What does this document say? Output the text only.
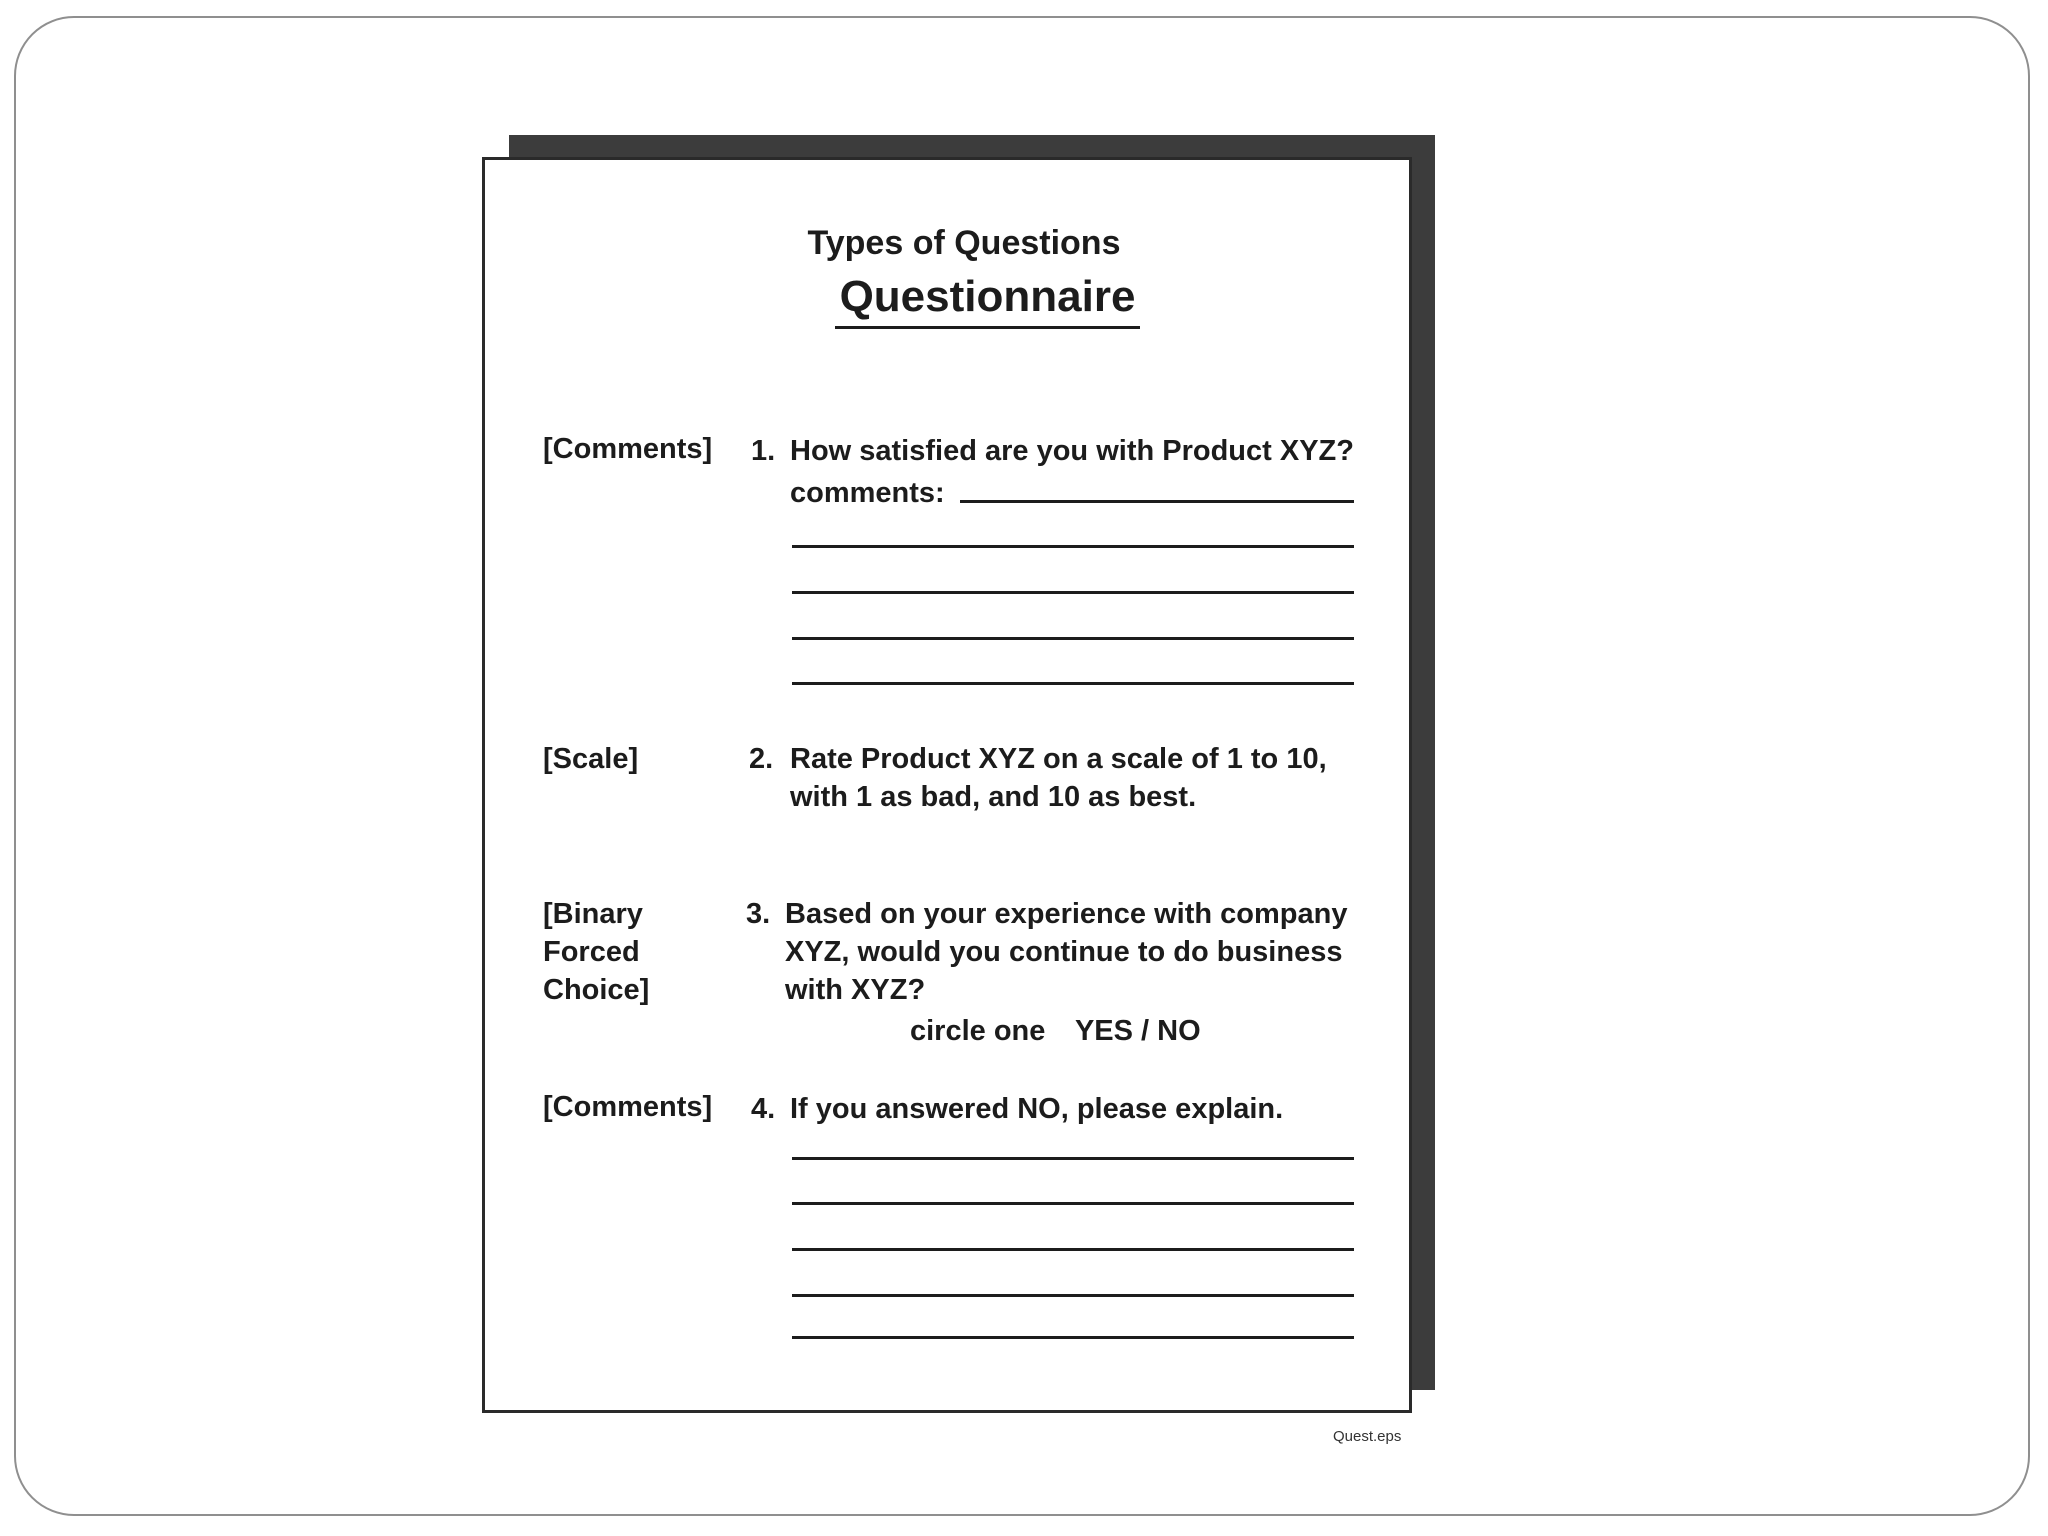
Types of Questions
Questionnaire
[Comments] 1. How satisfied are you with Product XYZ?
comments:
[Scale]	2. Rate Product XYZ on a scale of 1 to 10, with 1 as bad, and 10 as best.
[Binary
Forced
Choice]
3. Based on your experience with company XYZ, would you continue to do business with XYZ?
circle one YES / NO
[Comments] 4. If you answered NO, please explain.
Quest.eps
